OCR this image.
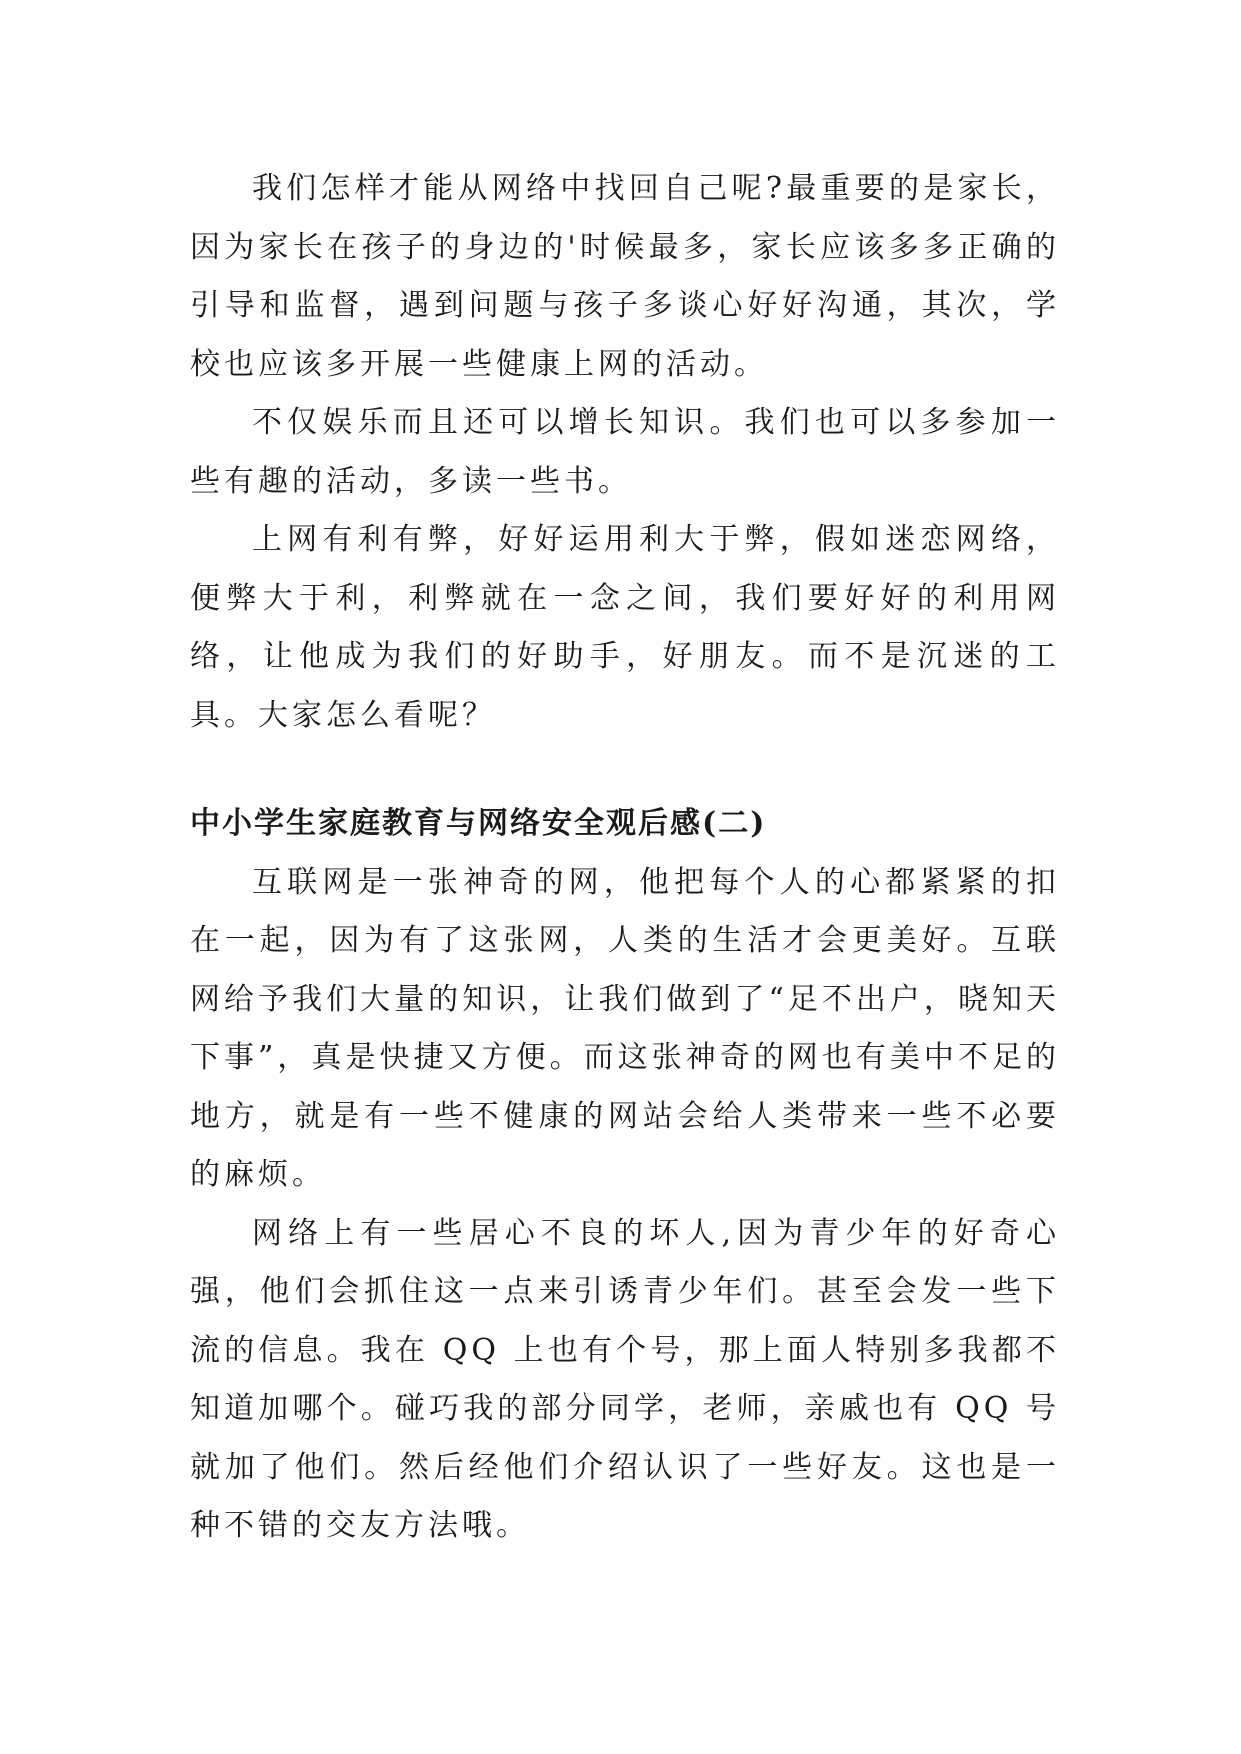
我们怎样才能从网络中找回自己呢?最重要的是家长，因为家长在孩子的身边的'时候最多，家长应该多多正确的引导和监督，遇到问题与孩子多谈心好好沟通，其次，学校也应该多开展一些健康上网的活动。

不仅娱乐而且还可以增长知识。我们也可以多参加一些有趣的活动，多读一些书。

上网有利有弊，好好运用利大于弊，假如迷恋网络，便弊大于利，利弊就在一念之间，我们要好好的利用网络，让他成为我们的好助手，好朋友。而不是沉迷的工具。大家怎么看呢？

中小学生家庭教育与网络安全观后感(二)

互联网是一张神奇的网，他把每个人的心都紧紧的扣在一起，因为有了这张网，人类的生活才会更美好。互联网给予我们大量的知识，让我们做到了“足不出户，晓知天下事”，真是快捷又方便。而这张神奇的网也有美中不足的地方，就是有一些不健康的网站会给人类带来一些不必要的麻烦。

网络上有一些居心不良的坏人,因为青少年的好奇心强，他们会抓住这一点来引诱青少年们。甚至会发一些下流的信息。我在 QQ 上也有个号，那上面人特别多我都不知道加哪个。碰巧我的部分同学，老师，亲戚也有 QQ 号就加了他们。然后经他们介绍认识了一些好友。这也是一种不错的交友方法哦。
